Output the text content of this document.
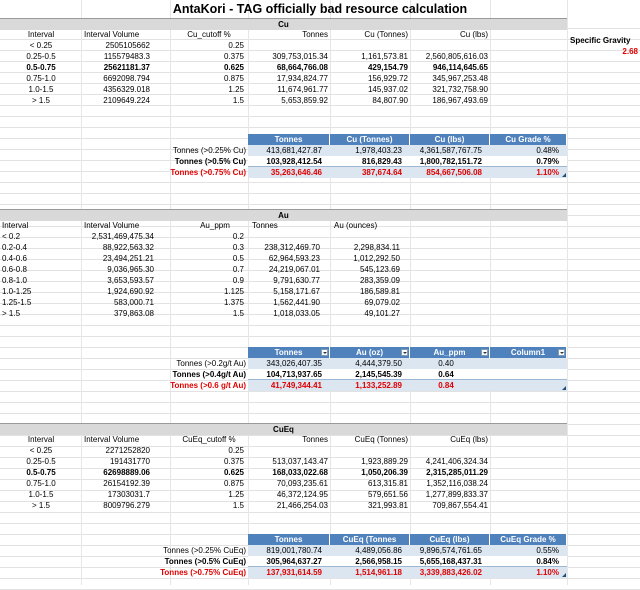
Cu
Interval	Interval Volume	Cu_cutoff %	Tonnes	Cu (Tonnes)	Cu (lbs)
< 0.25	2505105662	0.25
0.25-0.5	115579483.3	0.375	309,753,015.34	1,161,573.81	2,560,805,616.03
0.5-0.75	25621181.37	0.625	68,664,766.08	429,154.79	946,114,645.65
0.75-1.0	6692098.794	0.875	17,934,824.77	156,929.72	345,967,253.48
1.0-1.5	4356329.018	1.25	11,674,961.77	145,937.02	321,732,758.90
> 1.5	2109649.224	1.5	5,653,859.92	84,807.90	186,967,493.69
Tonnes	Cu (Tonnes)	Cu (lbs)	Cu Grade %
Tonnes (>0.25% Cu)	413,681,427.87	1,978,403.23	4,361,587,767.75	0.48%
Tonnes (>0.5% Cu)	103,928,412.54	816,829.43	1,800,782,151.72	0.79%
Tonnes (>0.75% Cu)	35,263,646.46	387,674.64	854,667,506.08	1.10%
Au
Interval	Interval Volume	Au_ppm	Tonnes	Au (ounces)
< 0.2	2,531,469,475.34	0.2
0.2-0.4	88,922,563.32	0.3	238,312,469.70	2,298,834.11
0.4-0.6	23,494,251.21	0.5	62,964,593.23	1,012,292.50
0.6-0.8	9,036,965.30	0.7	24,219,067.01	545,123.69
0.8-1.0	3,653,593.57	0.9	9,791,630.77	283,359.09
1.0-1.25	1,924,690.92	1.125	5,158,171.67	186,589.81
1.25-1.5	583,000.71	1.375	1,562,441.90	69,079.02
> 1.5	379,863.08	1.5	1,018,033.05	49,101.27
Tonnes	Au (oz)	Au_ppm	Column1
Tonnes (>0.2g/t Au)	343,026,407.35	4,444,379.50	0.40
Tonnes (>0.4g/t Au)	104,713,937.65	2,145,545.39	0.64
Tonnes (>0.6 g/t Au)	41,749,344.41	1,133,252.89	0.84
CuEq
Interval	Interval Volume	CuEq_cutoff %	Tonnes	CuEq (Tonnes)	CuEq (lbs)
< 0.25	2271252820	0.25
0.25-0.5	191431770	0.375	513,037,143.47	1,923,889.29	4,241,406,324.34
0.5-0.75	62698889.06	0.625	168,033,022.68	1,050,206.39	2,315,285,011.29
0.75-1.0	26154192.39	0.875	70,093,235.61	613,315.81	1,352,116,038.24
1.0-1.5	17303031.7	1.25	46,372,124.95	579,651.56	1,277,899,833.37
> 1.5	8009796.279	1.5	21,466,254.03	321,993.81	709,867,554.41
Tonnes	CuEq (Tonnes	CuEq (lbs)	CuEq Grade %
Tonnes (>0.25% CuEq)	819,001,780.74	4,489,056.86	9,896,574,761.65	0.55%
Tonnes (>0.5% CuEq)	305,964,637.27	2,566,958.15	5,655,168,437.31	0.84%
Tonnes (>0.75% CuEq)	137,931,614.59	1,514,961.18	3,339,883,426.02	1.10%
AntaKori - TAG officially bad resource calculation
Specific Gravity
2.68
